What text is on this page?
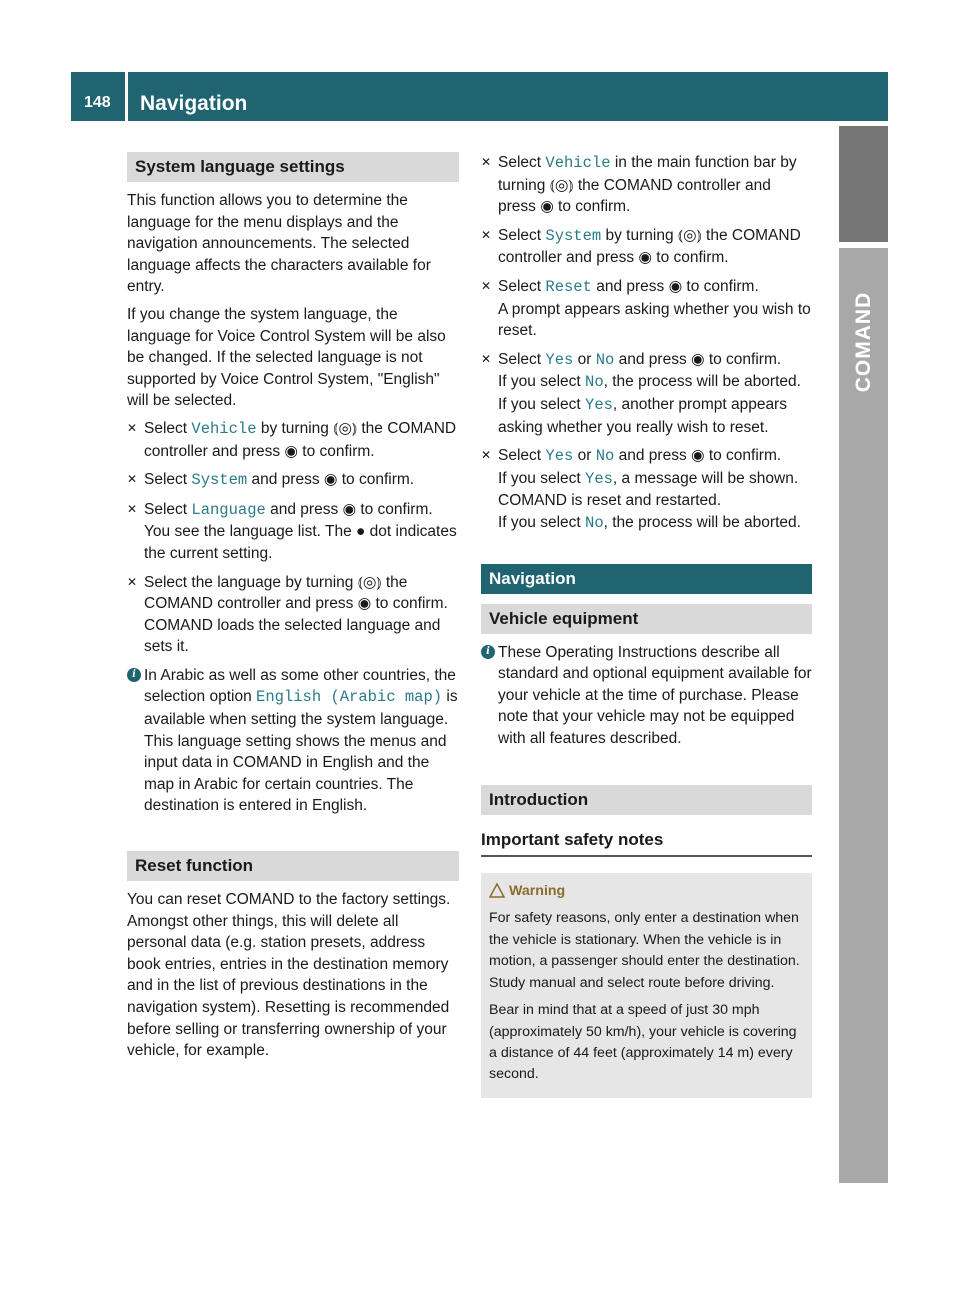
148 Navigation
COMAND
System language settings

This function allows you to determine the language for the menu displays and the navigation announcements. The selected language affects the characters available for entry.

If you change the system language, the language for Voice Control System will be also be changed. If the selected language is not supported by Voice Control System, "English" will be selected.

✕ Select Vehicle by turning ⦅◎⦆ the COMAND controller and press ◉ to confirm.
✕ Select System and press ◉ to confirm.
✕ Select Language and press ◉ to confirm.
You see the language list. The ● dot indicates the current setting.
✕ Select the language by turning ⦅◎⦆ the COMAND controller and press ◉ to confirm.
COMAND loads the selected language and sets it.
i In Arabic as well as some other countries, the selection option English (Arabic map) is available when setting the system language. This language setting shows the menus and input data in COMAND in English and the map in Arabic for certain countries. The destination is entered in English.
Reset function

You can reset COMAND to the factory settings. Amongst other things, this will delete all personal data (e.g. station presets, address book entries, entries in the destination memory and in the list of previous destinations in the navigation system). Resetting is recommended before selling or transferring ownership of your vehicle, for example.

✕ Select Vehicle in the main function bar by turning ⦅◎⦆ the COMAND controller and press ◉ to confirm.
✕ Select System by turning ⦅◎⦆ the COMAND controller and press ◉ to confirm.
✕ Select Reset and press ◉ to confirm.
A prompt appears asking whether you wish to reset.
✕ Select Yes or No and press ◉ to confirm.
If you select No, the process will be aborted.
If you select Yes, another prompt appears asking whether you really wish to reset.
✕ Select Yes or No and press ◉ to confirm.
If you select Yes, a message will be shown. COMAND is reset and restarted.
If you select No, the process will be aborted.
Navigation
Vehicle equipment
i These Operating Instructions describe all standard and optional equipment available for your vehicle at the time of purchase. Please note that your vehicle may not be equipped with all features described.
Introduction
Important safety notes
Warning

For safety reasons, only enter a destination when the vehicle is stationary. When the vehicle is in motion, a passenger should enter the destination. Study manual and select route before driving.

Bear in mind that at a speed of just 30 mph (approximately 50 km/h), your vehicle is covering a distance of 44 feet (approximately 14 m) every second.
